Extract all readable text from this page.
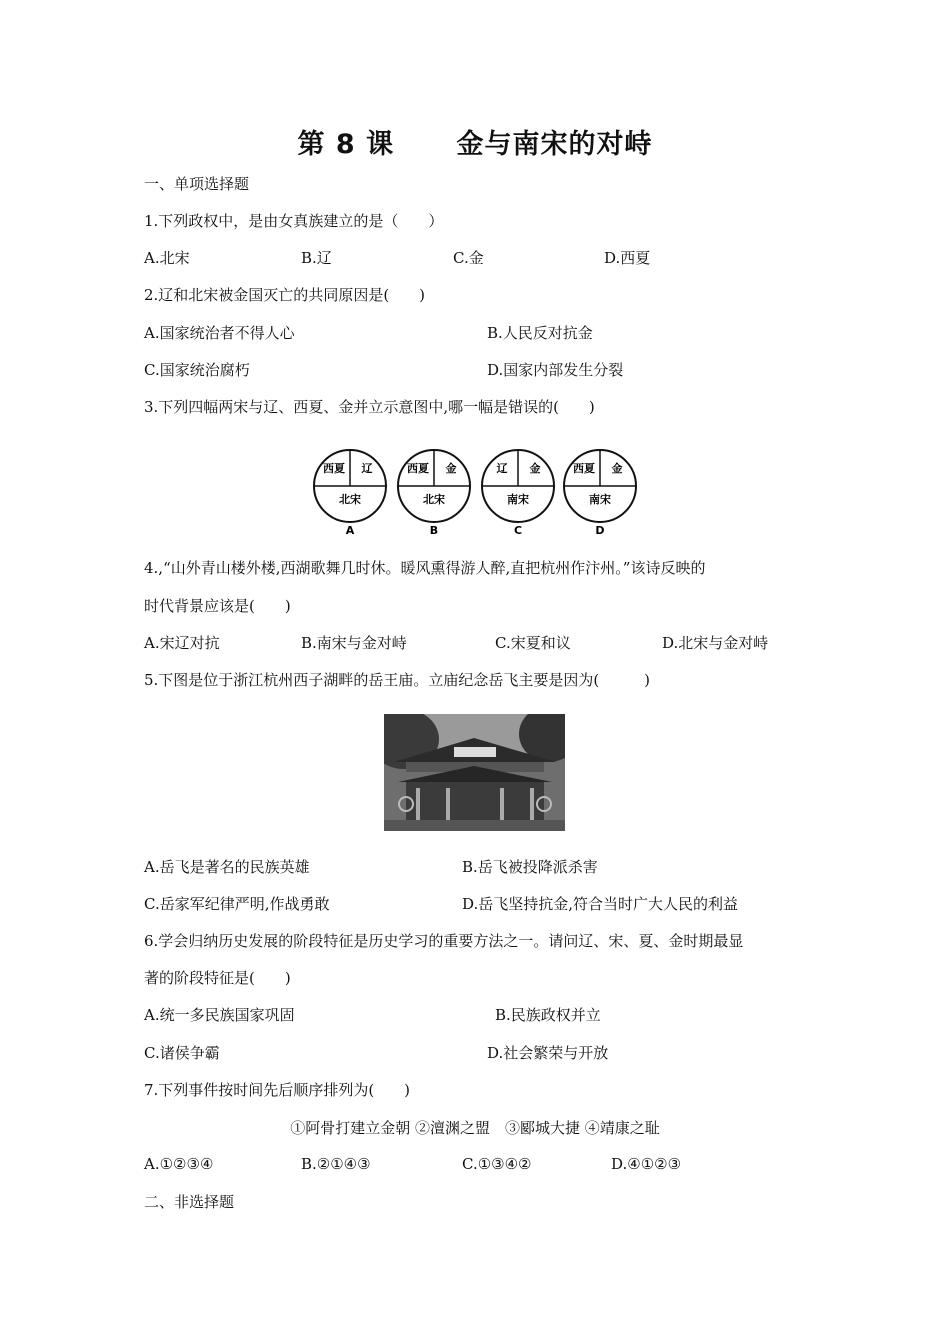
第 8 课      金与南宋的对峙
一、单项选择题
1.下列政权中，是由女真族建立的是（　　）
A.北宋	B.辽	C.金	D.西夏
2.辽和北宋被金国灭亡的共同原因是(　　)
A.国家统治者不得人心	B.人民反对抗金
C.国家统治腐朽	D.国家内部发生分裂
3.下列四幅两宋与辽、西夏、金并立示意图中,哪一幅是错误的(　　)
西夏 辽
北宋
A
西夏 金
北宋
B
辽 金
南宋
C
西夏 金
南宋
D
4.,“山外青山楼外楼,西湖歌舞几时休。暖风熏得游人醉,直把杭州作汴州。”该诗反映的
时代背景应该是(　　)
A.宋辽对抗	B.南宋与金对峙	C.宋夏和议	D.北宋与金对峙
5.下图是位于浙江杭州西子湖畔的岳王庙。立庙纪念岳飞主要是因为(　　　)
A.岳飞是著名的民族英雄	B.岳飞被投降派杀害
C.岳家军纪律严明,作战勇敢	D.岳飞坚持抗金,符合当时广大人民的利益
6.学会归纳历史发展的阶段特征是历史学习的重要方法之一。请问辽、宋、夏、金时期最显
著的阶段特征是(　　)
A.统一多民族国家巩固	B.民族政权并立
C.诸侯争霸	D.社会繁荣与开放
7.下列事件按时间先后顺序排列为(　　)
①阿骨打建立金朝 ②澶渊之盟　③郾城大捷 ④靖康之耻
A.①②③④	B.②①④③	C.①③④②	D.④①②③
二、非选择题
